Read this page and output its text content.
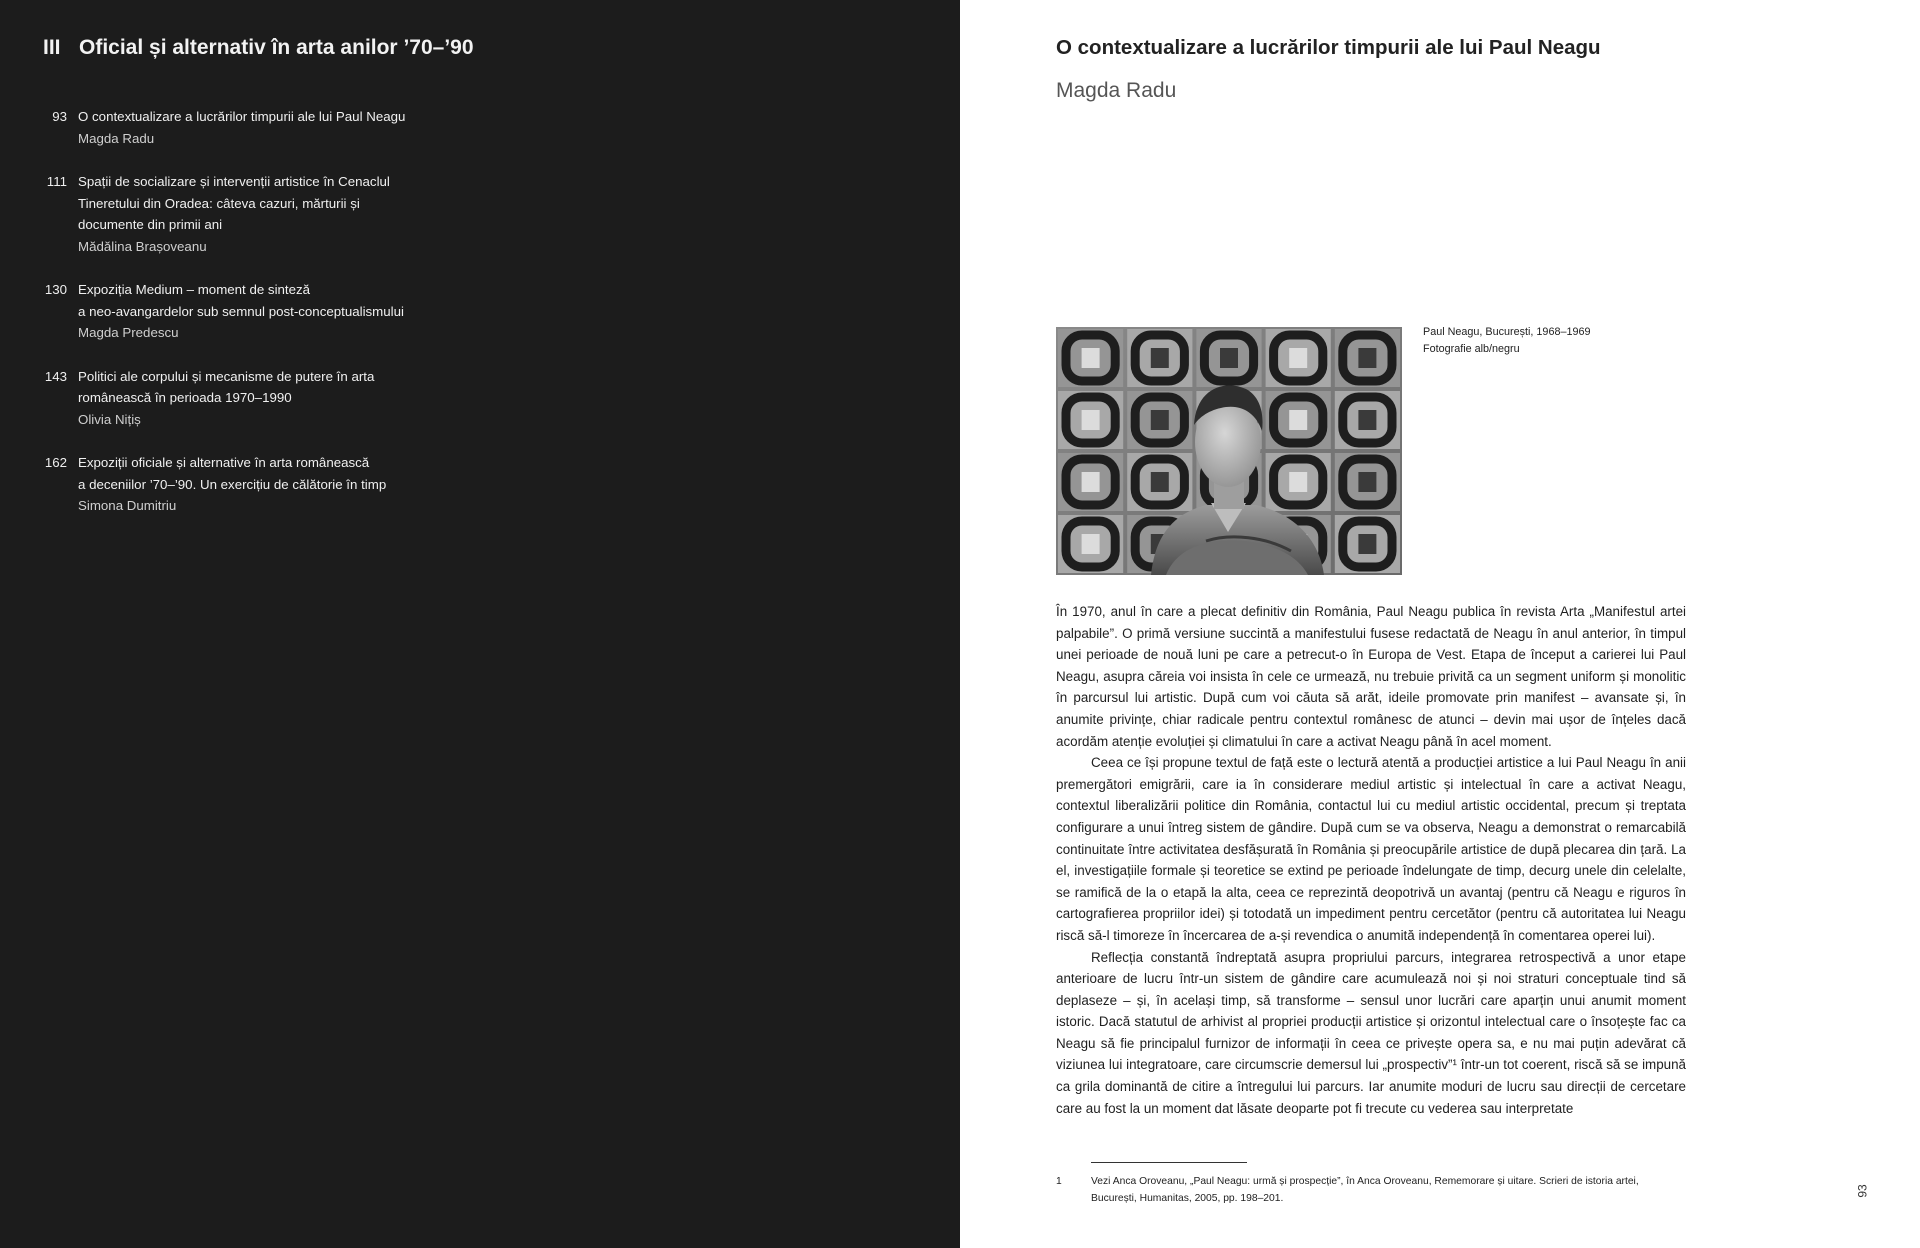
III Oficial și alternativ în arta anilor ’70–’90
93 O contextualizare a lucrărilor timpurii ale lui Paul Neagu
Magda Radu
111 Spații de socializare și intervenții artistice în Cenaclul
Tineretului din Oradea: câteva cazuri, mărturii și
documente din primii ani
Mădălina Brașoveanu
130 Expoziția Medium – moment de sinteză
a neo-avangardelor sub semnul post-conceptualismului
Magda Predescu
143 Politici ale corpului și mecanisme de putere în arta
românească în perioada 1970–1990
Olivia Nițiș
162 Expoziții oficiale și alternative în arta românească
a deceniilor ’70–’90. Un exercițiu de călătorie în timp
Simona Dumitriu
O contextualizare a lucrărilor timpurii ale lui Paul Neagu
Magda Radu
Paul Neagu, București, 1968–1969
Fotografie alb/negru

În 1970, anul în care a plecat definitiv din România, Paul Neagu publica în revista Arta „Manifestul artei palpabile”. O primă versiune succintă a manifestului fusese redactată de Neagu în anul anterior, în timpul unei perioade de nouă luni pe care a petrecut-o în Europa de Vest. Etapa de început a carierei lui Paul Neagu, asupra căreia voi insista în cele ce urmează, nu trebuie privită ca un segment uniform și monolitic în parcursul lui artistic. După cum voi căuta să arăt, ideile promovate prin manifest – avansate și, în anumite privințe, chiar radicale pentru contextul românesc de atunci – devin mai ușor de înțeles dacă acordăm atenție evoluției și climatului în care a activat Neagu până în acel moment.

Ceea ce își propune textul de față este o lectură atentă a producției artistice a lui Paul Neagu în anii premergători emigrării, care ia în considerare mediul artistic și intelectual în care a activat Neagu, contextul liberalizării politice din România, contactul lui cu mediul artistic occidental, precum și treptata configurare a unui întreg sistem de gândire. După cum se va observa, Neagu a demonstrat o remarcabilă continuitate între activitatea desfășurată în România și preocupările artistice de după plecarea din țară. La el, investigațiile formale și teoretice se extind pe perioade îndelungate de timp, decurg unele din celelalte, se ramifică de la o etapă la alta, ceea ce reprezintă deopotrivă un avantaj (pentru că Neagu e riguros în cartografierea propriilor idei) și totodată un impediment pentru cercetător (pentru că autoritatea lui Neagu riscă să-l timoreze în încercarea de a-și revendica o anumită independență în comentarea operei lui).

Reflecția constantă îndreptată asupra propriului parcurs, integrarea retrospectivă a unor etape anterioare de lucru într-un sistem de gândire care acumulează noi și noi straturi conceptuale tind să deplaseze – și, în același timp, să transforme – sensul unor lucrări care aparțin unui anumit moment istoric. Dacă statutul de arhivist al propriei producții artistice și orizontul intelectual care o însoțește fac ca Neagu să fie principalul furnizor de informații în ceea ce privește opera sa, e nu mai puțin adevărat că viziunea lui integratoare, care circumscrie demersul lui „prospectiv”¹ într-un tot coerent, riscă să se impună ca grila dominantă de citire a întregului lui parcurs. Iar anumite moduri de lucru sau direcții de cercetare care au fost la un moment dat lăsate deoparte pot fi trecute cu vederea sau interpretate

1	Vezi Anca Oroveanu, „Paul Neagu: urmă și prospecție”, în Anca Oroveanu, Rememorare și uitare. Scrieri de istoria artei, București, Humanitas, 2005, pp. 198–201.
93
